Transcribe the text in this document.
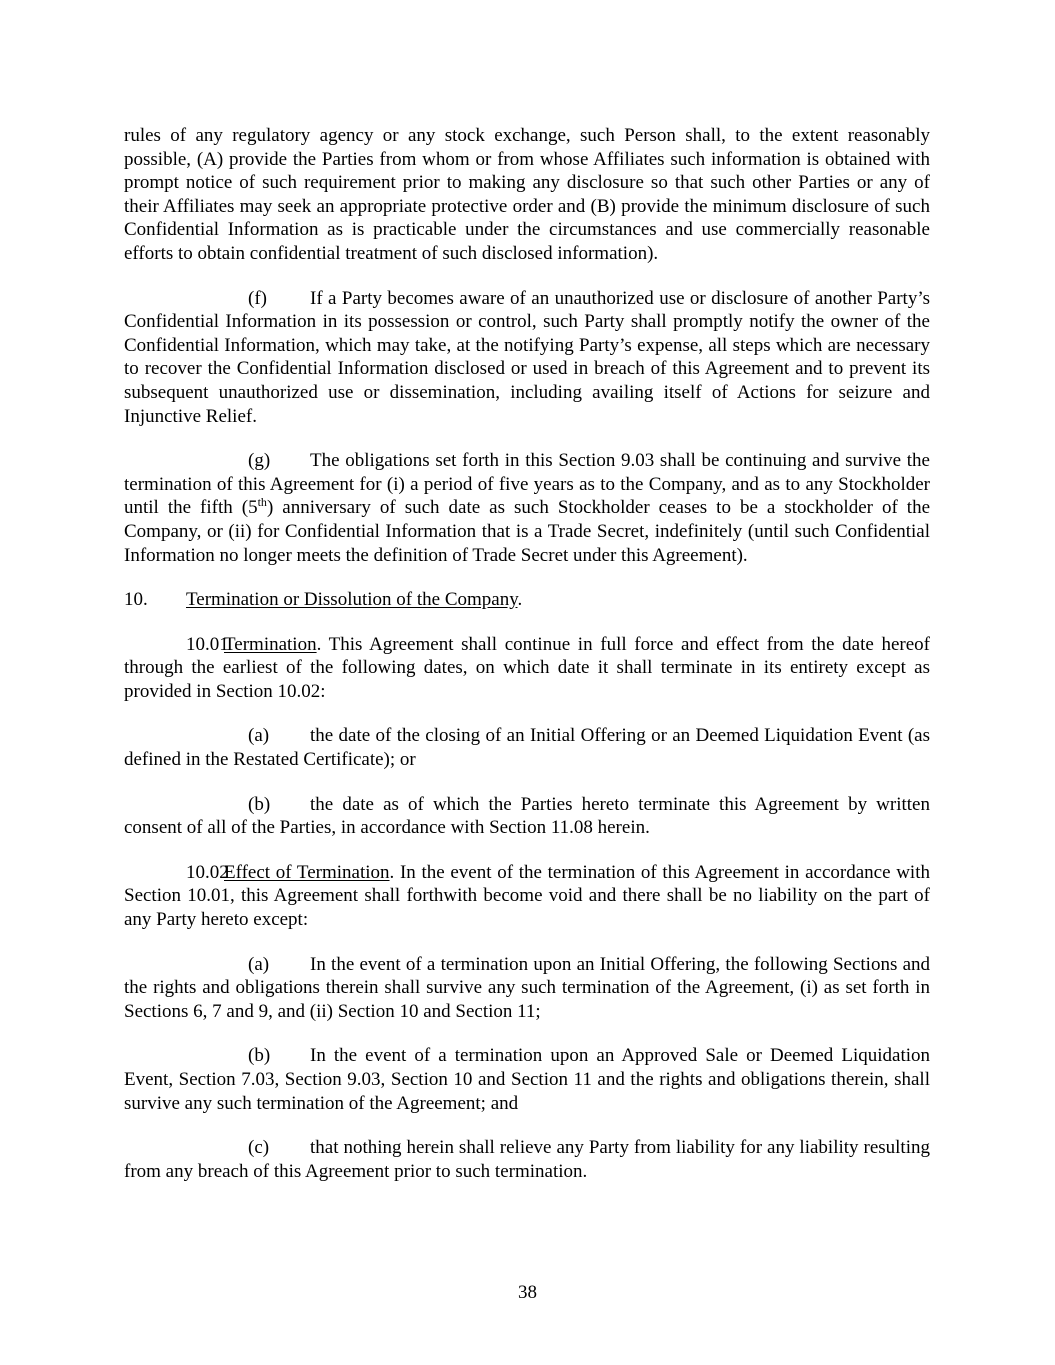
rules of any regulatory agency or any stock exchange, such Person shall, to the extent reasonably possible, (A) provide the Parties from whom or from whose Affiliates such information is obtained with prompt notice of such requirement prior to making any disclosure so that such other Parties or any of their Affiliates may seek an appropriate protective order and (B) provide the minimum disclosure of such Confidential Information as is practicable under the circumstances and use commercially reasonable efforts to obtain confidential treatment of such disclosed information).

(f) If a Party becomes aware of an unauthorized use or disclosure of another Party’s Confidential Information in its possession or control, such Party shall promptly notify the owner of the Confidential Information, which may take, at the notifying Party’s expense, all steps which are necessary to recover the Confidential Information disclosed or used in breach of this Agreement and to prevent its subsequent unauthorized use or dissemination, including availing itself of Actions for seizure and Injunctive Relief.

(g) The obligations set forth in this Section 9.03 shall be continuing and survive the termination of this Agreement for (i) a period of five years as to the Company, and as to any Stockholder until the fifth (5th) anniversary of such date as such Stockholder ceases to be a stockholder of the Company, or (ii) for Confidential Information that is a Trade Secret, indefinitely (until such Confidential Information no longer meets the definition of Trade Secret under this Agreement).

10. Termination or Dissolution of the Company.

10.01Termination. This Agreement shall continue in full force and effect from the date hereof through the earliest of the following dates, on which date it shall terminate in its entirety except as provided in Section 10.02:

(a) the date of the closing of an Initial Offering or an Deemed Liquidation Event (as defined in the Restated Certificate); or

(b) the date as of which the Parties hereto terminate this Agreement by written consent of all of the Parties, in accordance with Section 11.08 herein.

10.02Effect of Termination. In the event of the termination of this Agreement in accordance with Section 10.01, this Agreement shall forthwith become void and there shall be no liability on the part of any Party hereto except:

(a) In the event of a termination upon an Initial Offering, the following Sections and the rights and obligations therein shall survive any such termination of the Agreement, (i) as set forth in Sections 6, 7 and 9, and (ii) Section 10 and Section 11;

(b) In the event of a termination upon an Approved Sale or Deemed Liquidation Event, Section 7.03, Section 9.03, Section 10 and Section 11 and the rights and obligations therein, shall survive any such termination of the Agreement; and

(c) that nothing herein shall relieve any Party from liability for any liability resulting from any breach of this Agreement prior to such termination.

38
